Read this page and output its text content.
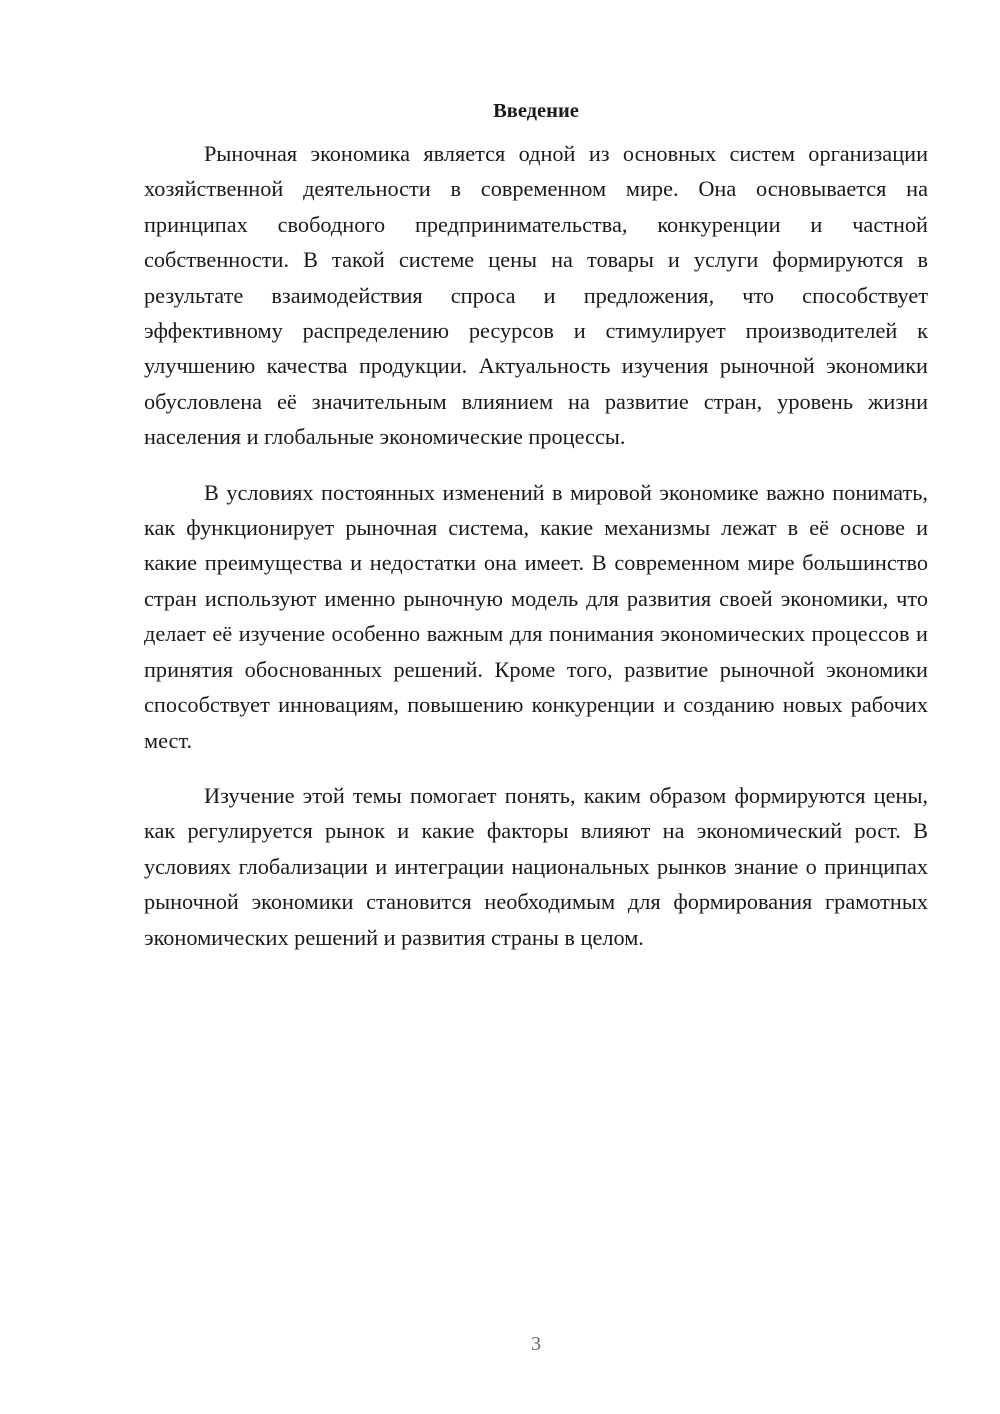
Введение

Рыночная экономика является одной из основных систем организации хозяйственной деятельности в современном мире. Она основывается на принципах свободного предпринимательства, конкуренции и частной собственности. В такой системе цены на товары и услуги формируются в результате взаимодействия спроса и предложения, что способствует эффективному распределению ресурсов и стимулирует производителей к улучшению качества продукции. Актуальность изучения рыночной экономики обусловлена её значительным влиянием на развитие стран, уровень жизни населения и глобальные экономические процессы.

В условиях постоянных изменений в мировой экономике важно понимать, как функционирует рыночная система, какие механизмы лежат в её основе и какие преимущества и недостатки она имеет. В современном мире большинство стран используют именно рыночную модель для развития своей экономики, что делает её изучение особенно важным для понимания экономических процессов и принятия обоснованных решений. Кроме того, развитие рыночной экономики способствует инновациям, повышению конкуренции и созданию новых рабочих мест.

Изучение этой темы помогает понять, каким образом формируются цены, как регулируется рынок и какие факторы влияют на экономический рост. В условиях глобализации и интеграции национальных рынков знание о принципах рыночной экономики становится необходимым для формирования грамотных экономических решений и развития страны в целом.

3
